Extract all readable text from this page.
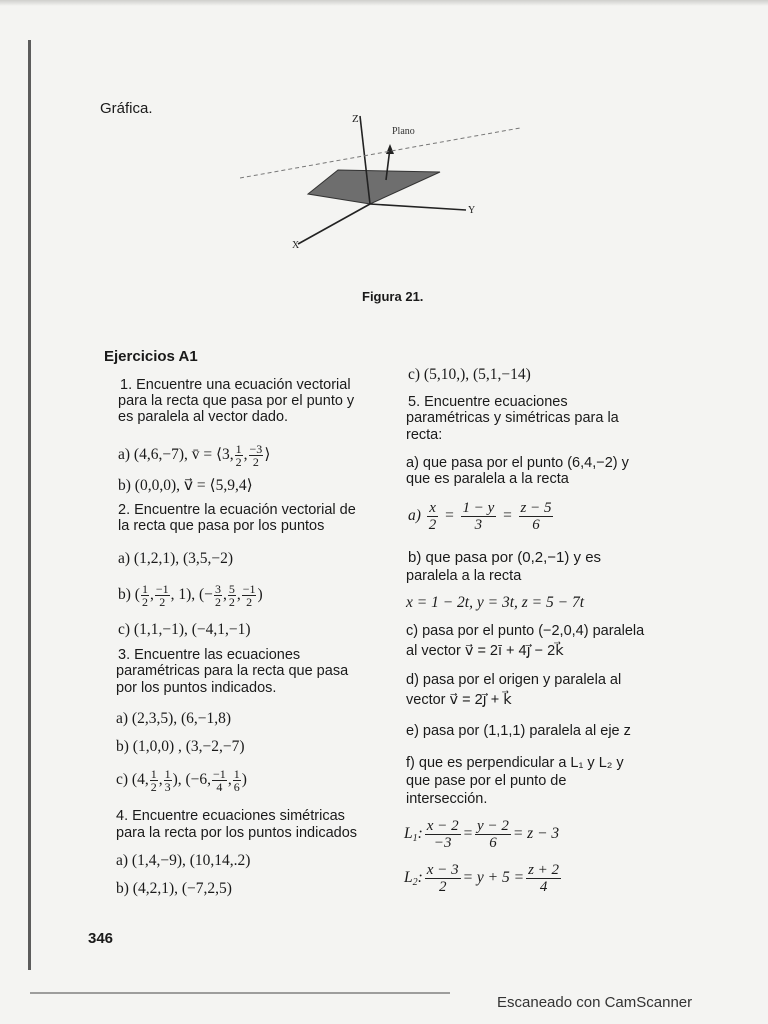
Gráfica.
Z
Y
X
Plano
Figura 21.
Ejercicios A1
1. Encuentre una ecuación vectorial
para la recta que pasa por el punto y
es paralela al vector dado.
a) (4,6,−7), v̄ = ⟨3, $\frac{1}{2}$ , $\frac{-3}{2}$ ⟩
b) (0,0,0), v⃗ = ⟨5,9,4⟩
2. Encuentre la ecuación vectorial de
la recta que pasa por los puntos
a) (1,2,1), (3,5,−2)
b) ( $\frac{1}{2}$ , $\frac{-1}{2}$ , 1), (− $\frac{3}{2}$ , $\frac{5}{2}$ , $\frac{-1}{2}$ )
c) (1,1,−1), (−4,1,−1)
3. Encuentre las ecuaciones
paramétricas para la recta que pasa
por los puntos indicados.
a) (2,3,5), (6,−1,8)
b) (1,0,0) , (3,−2,−7)
c) (4, $\frac{1}{2}$ , $\frac{1}{3}$ ), (−6, $\frac{-1}{4}$ , $\frac{1}{6}$ )
4. Encuentre ecuaciones simétricas
para la recta por los puntos indicados
a) (1,4,−9), (10,14,.2)
b) (4,2,1), (−7,2,5)
c) (5,10,), (5,1,−14)
5. Encuentre ecuaciones
paramétricas y simétricas para la
recta:
a) que pasa por el punto (6,4,−2) y
que es paralela a la recta
$a) \frac{x}{2} = \frac{1 - y}{3} = \frac{z - 5}{6}$
b) que pasa por (0,2,−1) y es
paralela a la recta
x = 1 − 2t, y = 3t, z = 5 − 7t
c) pasa por el punto (−2,0,4) paralela
al vector v⃗ = 2ī + 4j⃗ − 2k⃗
d) pasa por el origen y paralela al
vector v⃗ = 2j⃗ + k⃗
e) pasa por (1,1,1) paralela al eje z
f) que es perpendicular a L₁ y L₂ y
que pase por el punto de
intersección.
$L_1$: $\frac{x - 2}{-3} = \frac{y - 2}{6} = z - 3$
$L_2$: $\frac{x - 3}{2} = y + 5 = \frac{z + 2}{4}$
346
Escaneado con CamScanner
